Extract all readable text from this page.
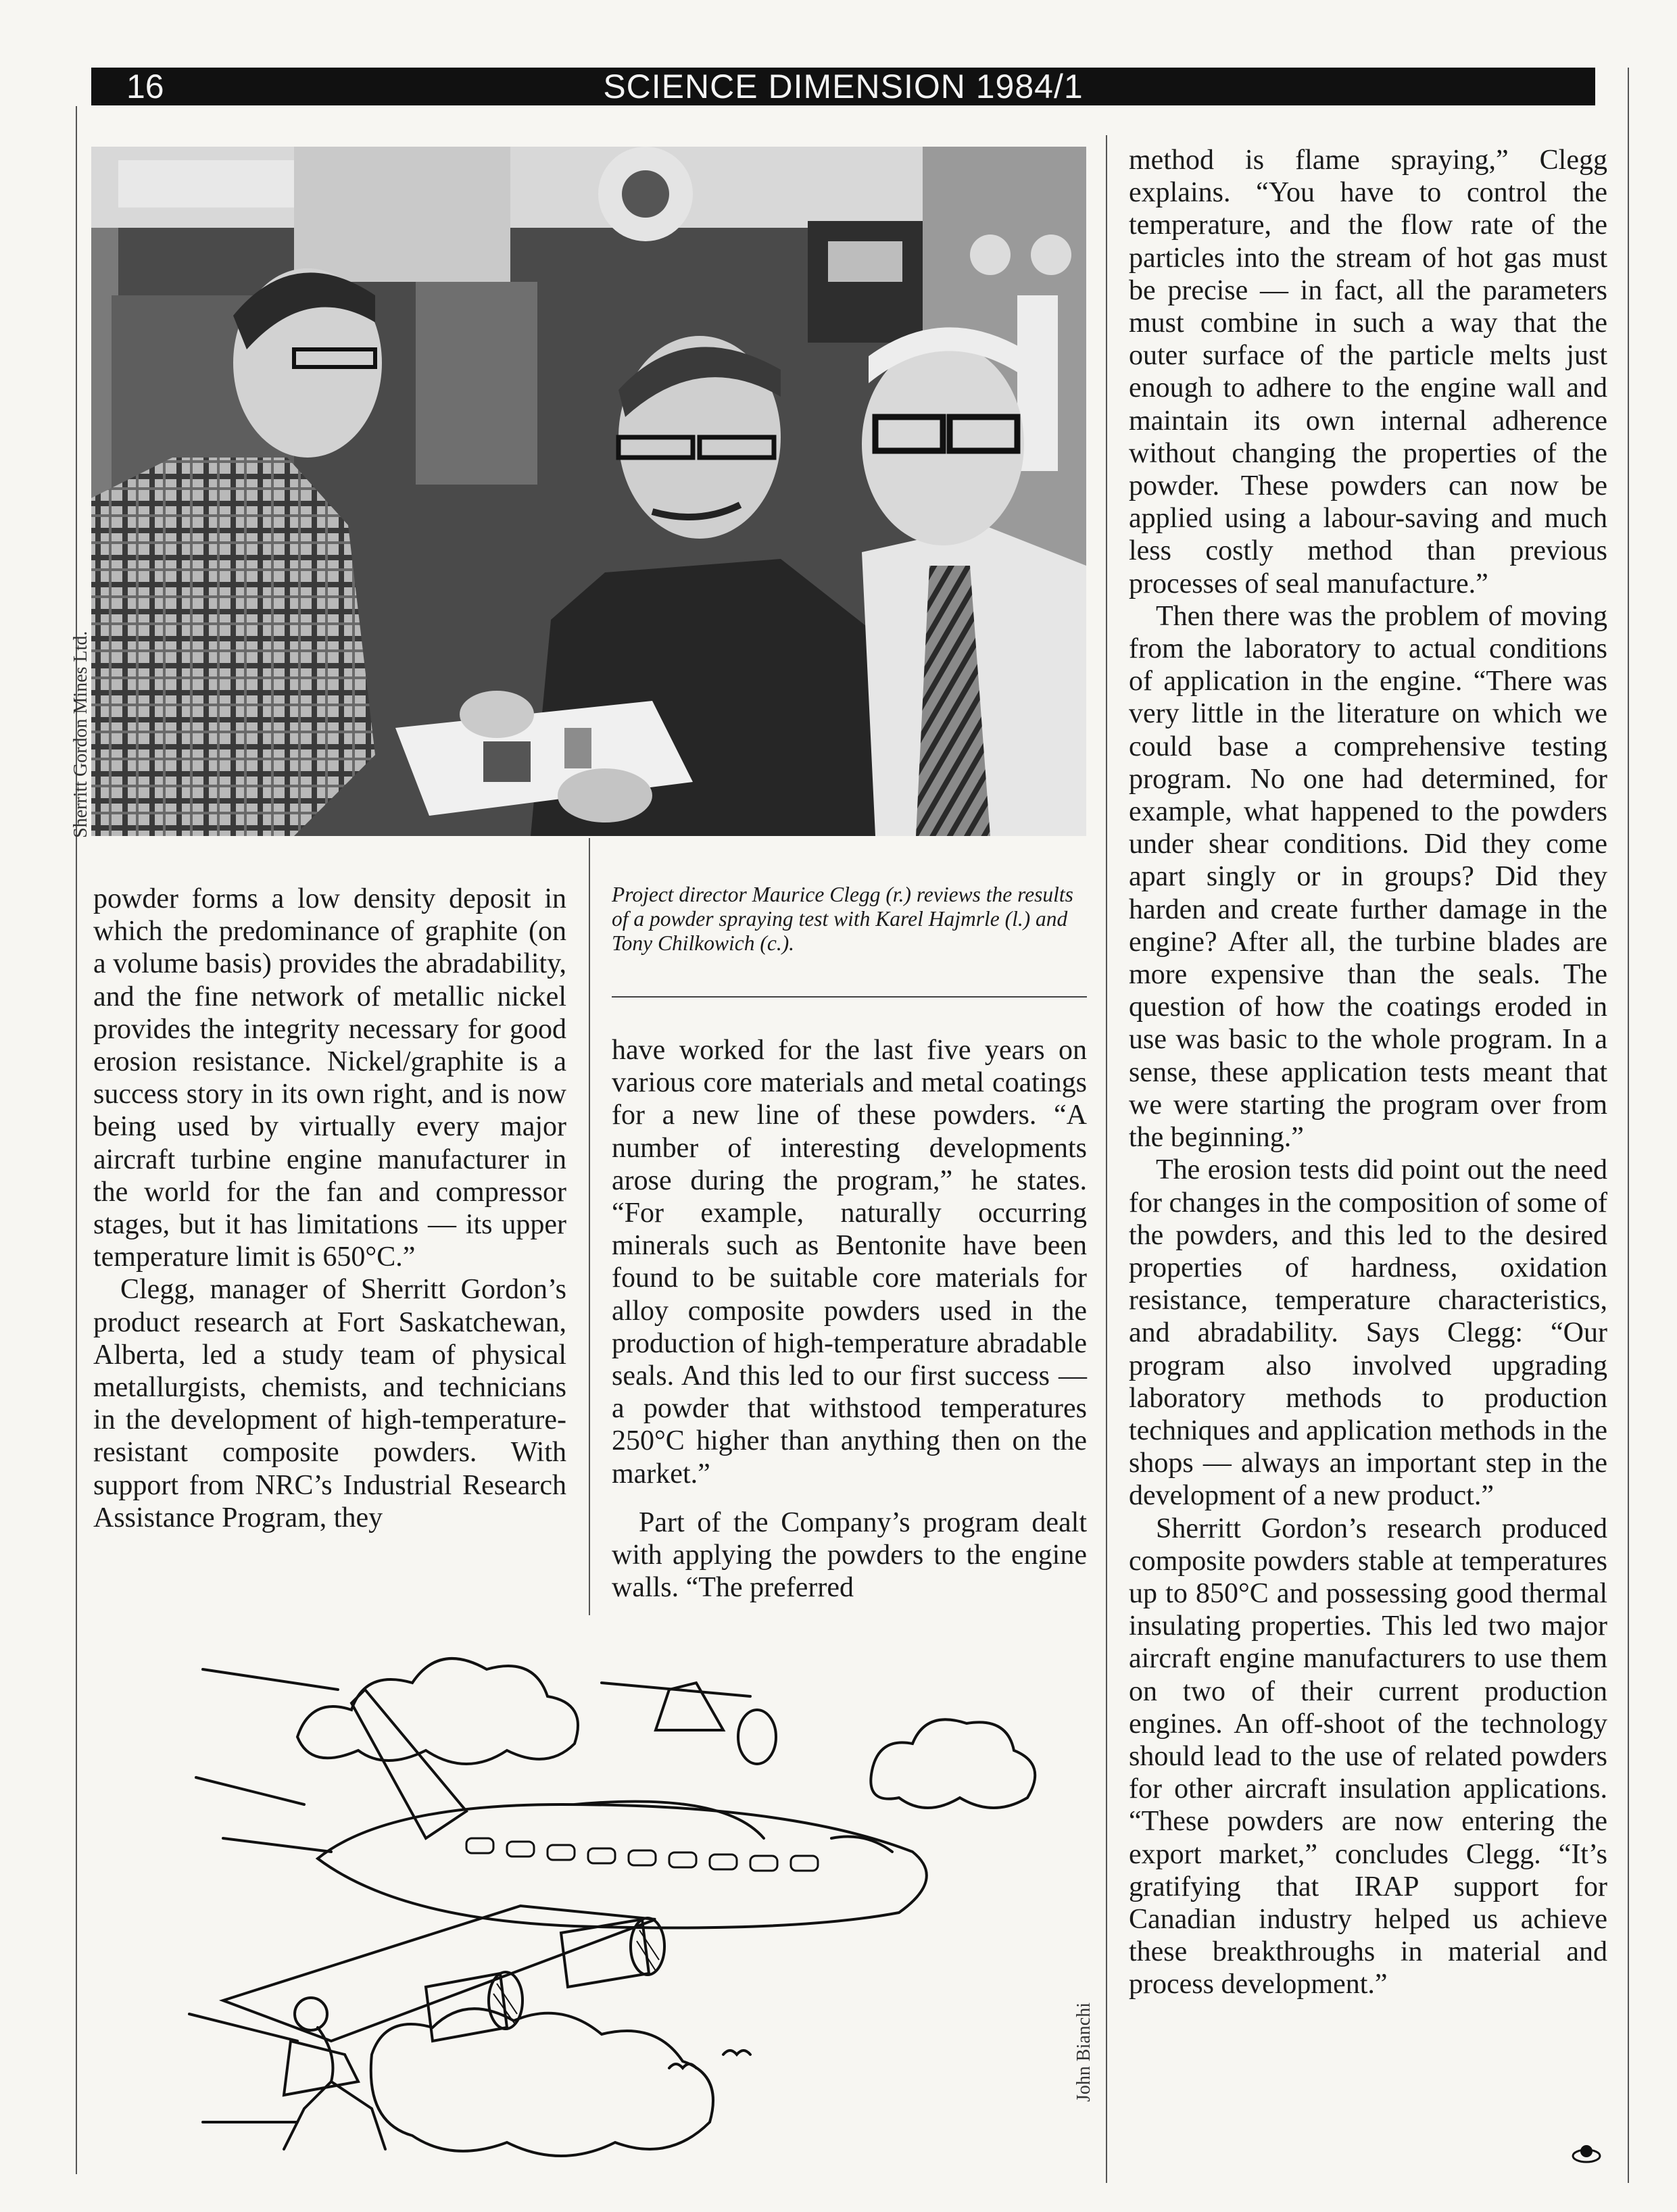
16	SCIENCE DIMENSION 1984/1
Sherritt Gordon Mines Ltd.
Project director Maurice Clegg (r.) reviews the results of a powder spraying test with Karel Hajmrle (l.) and Tony Chilkowich (c.).

powder forms a low density deposit in which the predominance of graphite (on a volume basis) provides the abradability, and the fine network of metallic nickel provides the integrity necessary for good erosion resistance. Nickel/graphite is a success story in its own right, and is now being used by virtually every major aircraft turbine engine manufacturer in the world for the fan and compressor stages, but it has limitations — its upper temperature limit is 650°C.”

Clegg, manager of Sherritt Gordon’s product research at Fort Saskatchewan, Alberta, led a study team of physical metallurgists, chemists, and technicians in the development of high-temperature-resistant composite powders. With support from NRC’s Industrial Research Assistance Program, they

have worked for the last five years on various core materials and metal coatings for a new line of these powders. “A number of interesting developments arose during the program,” he states. “For example, naturally occurring minerals such as Bentonite have been found to be suitable core materials for alloy composite powders used in the production of high-temperature abradable seals. And this led to our first success — a powder that withstood temperatures 250°C higher than anything then on the market.”

Part of the Company’s program dealt with applying the powders to the engine walls. “The preferred

method is flame spraying,” Clegg explains. “You have to control the temperature, and the flow rate of the particles into the stream of hot gas must be precise — in fact, all the parameters must combine in such a way that the outer surface of the particle melts just enough to adhere to the engine wall and maintain its own internal adherence without changing the properties of the powder. These powders can now be applied using a labour-saving and much less costly method than previous processes of seal manufacture.”

Then there was the problem of moving from the laboratory to actual conditions of application in the engine. “There was very little in the literature on which we could base a comprehensive testing program. No one had determined, for example, what happened to the powders under shear conditions. Did they come apart singly or in groups? Did they harden and create further damage in the engine? After all, the turbine blades are more expensive than the seals. The question of how the coatings eroded in use was basic to the whole program. In a sense, these application tests meant that we were starting the program over from the beginning.”

The erosion tests did point out the need for changes in the composition of some of the powders, and this led to the desired properties of hardness, oxidation resistance, temperature characteristics, and abradability. Says Clegg: “Our program also involved upgrading laboratory methods to production techniques and application methods in the shops — always an important step in the development of a new product.”

Sherritt Gordon’s research produced composite powders stable at temperatures up to 850°C and possessing good thermal insulating properties. This led two major aircraft engine manufacturers to use them on two of their current production engines. An off-shoot of the technology should lead to the use of related powders for other aircraft insulation applications. “These powders are now entering the export market,” concludes Clegg. “It’s gratifying that IRAP support for Canadian industry helped us achieve these breakthroughs in material and process development.”

John Bianchi
